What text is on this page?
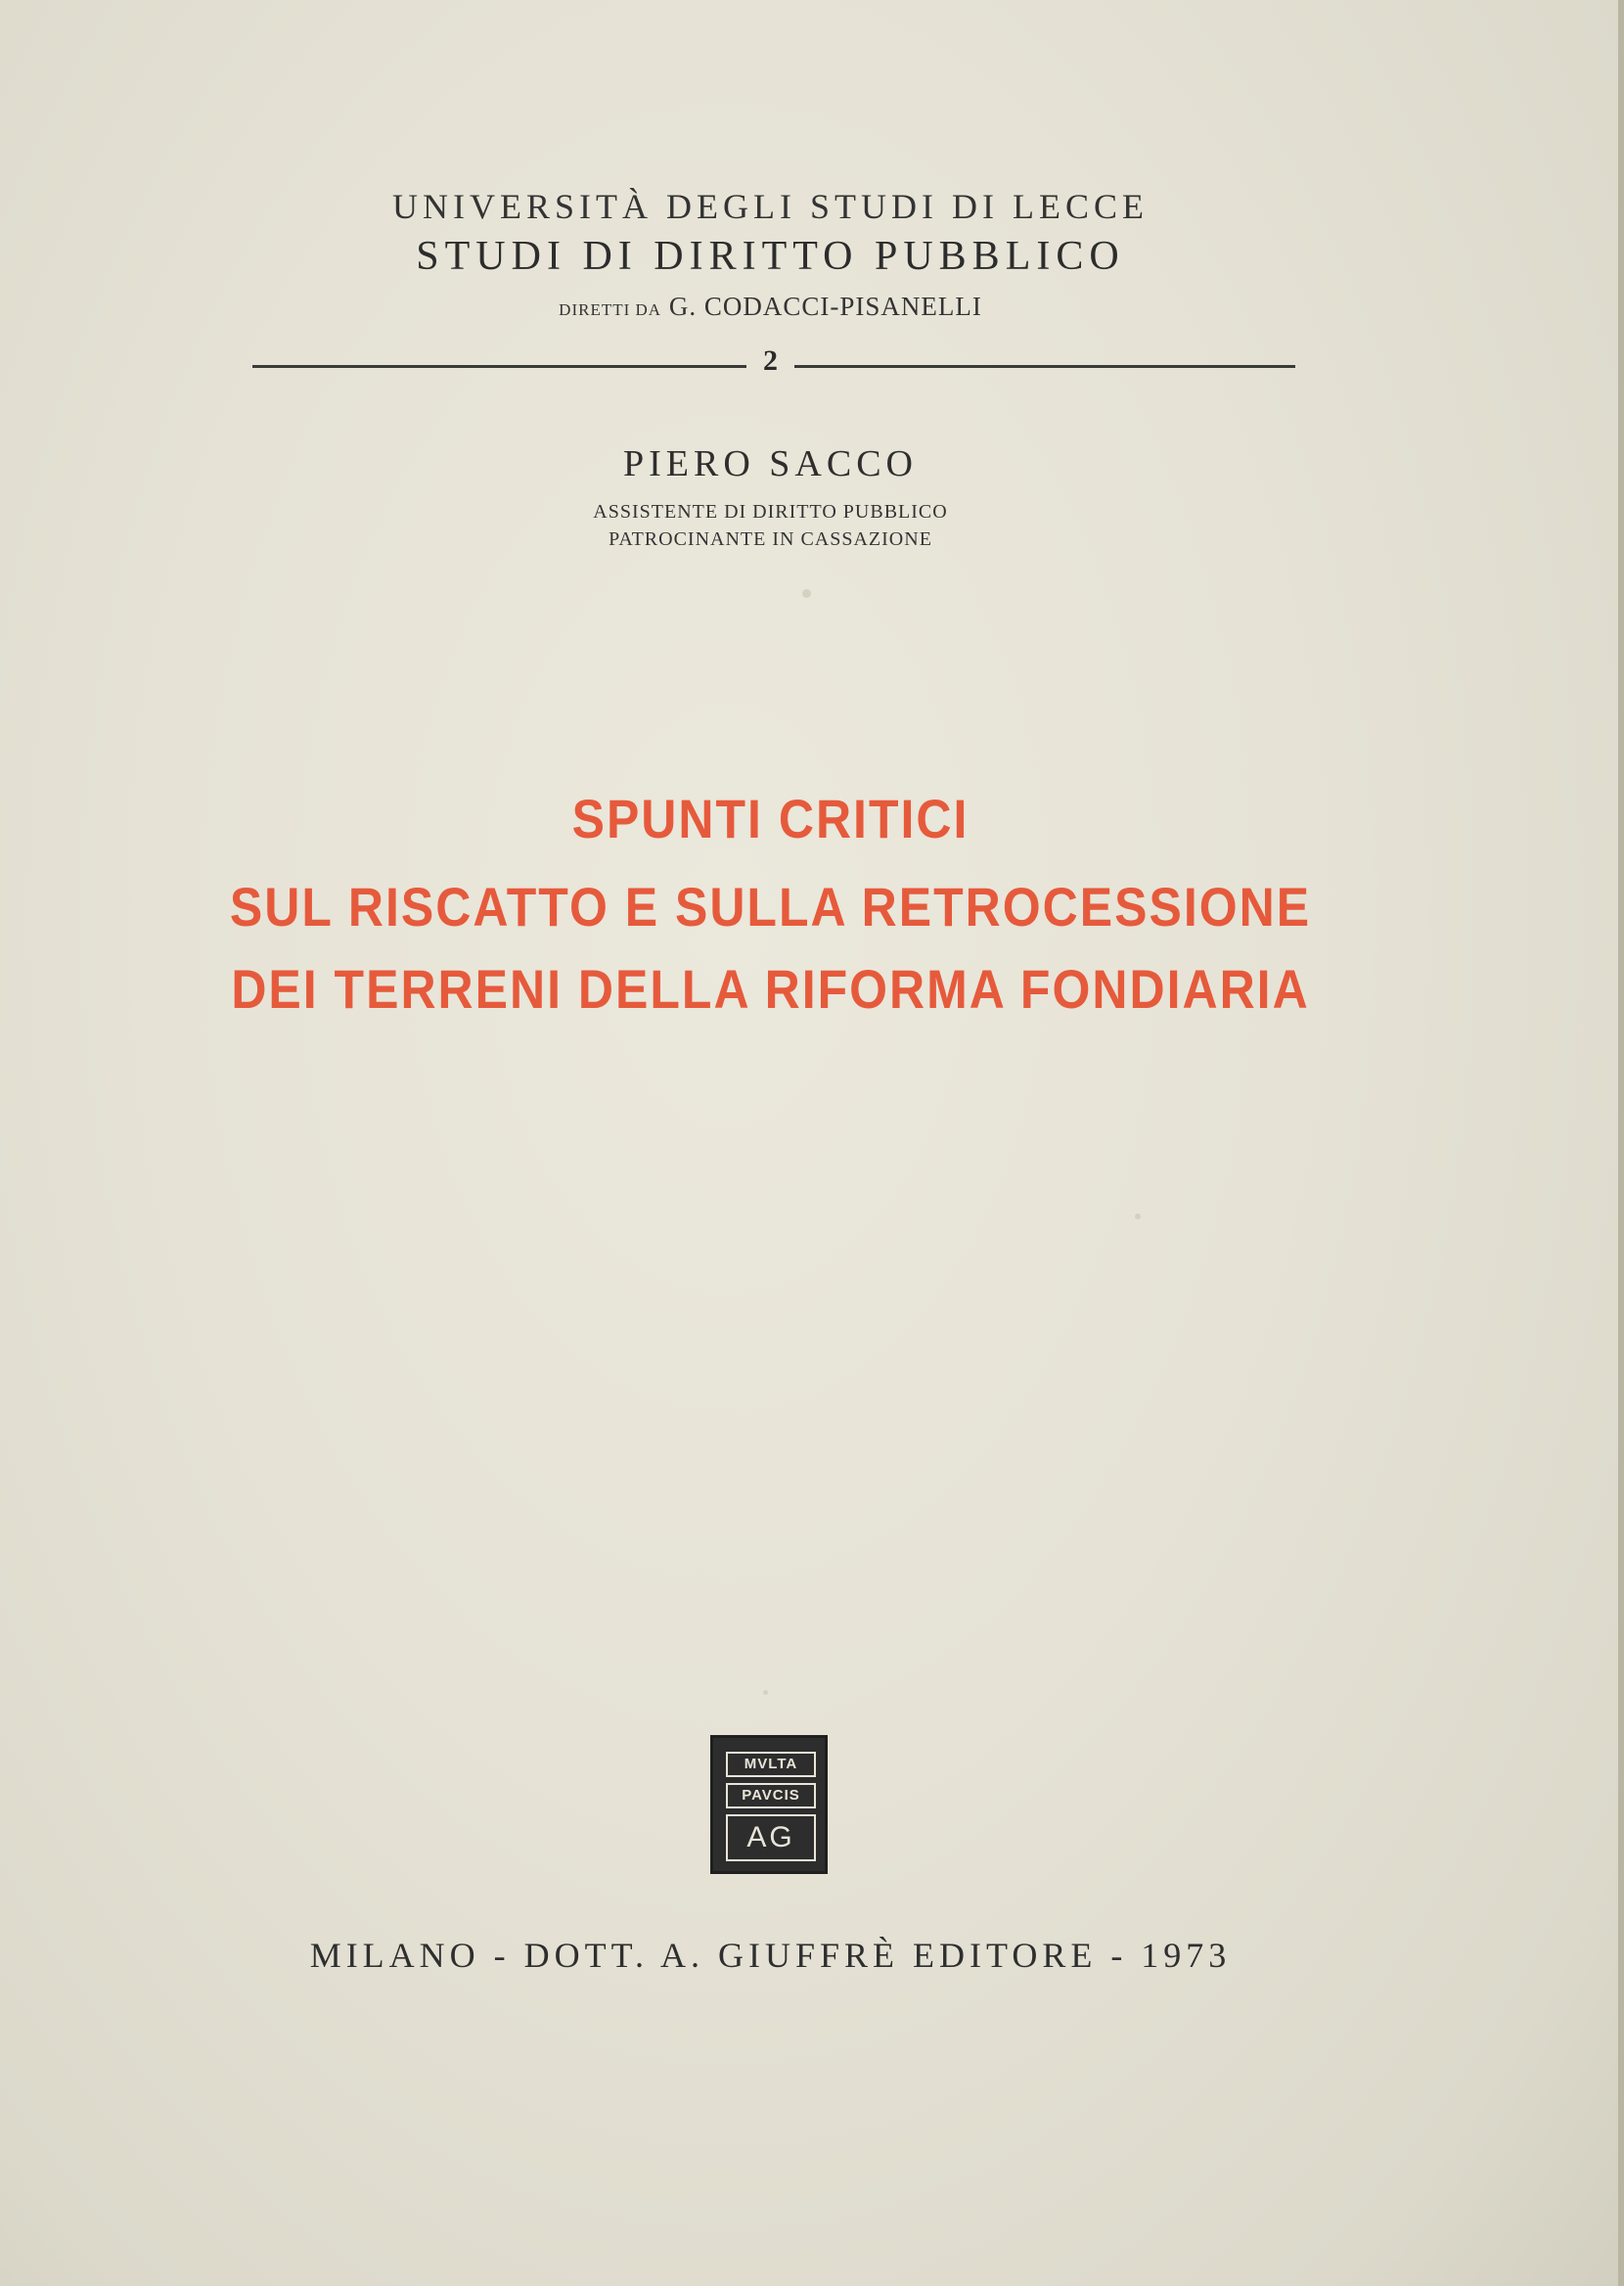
UNIVERSITÀ DEGLI STUDI DI LECCE
STUDI DI DIRITTO PUBBLICO
DIRETTI DA G. CODACCI-PISANELLI
2
PIERO SACCO
ASSISTENTE DI DIRITTO PUBBLICO
PATROCINANTE IN CASSAZIONE
SPUNTI CRITICI
SUL RISCATTO E SULLA RETROCESSIONE
DEI TERRENI DELLA RIFORMA FONDIARIA
MVLTA
PAVCIS
AG
MILANO - DOTT. A. GIUFFRÈ EDITORE - 1973
